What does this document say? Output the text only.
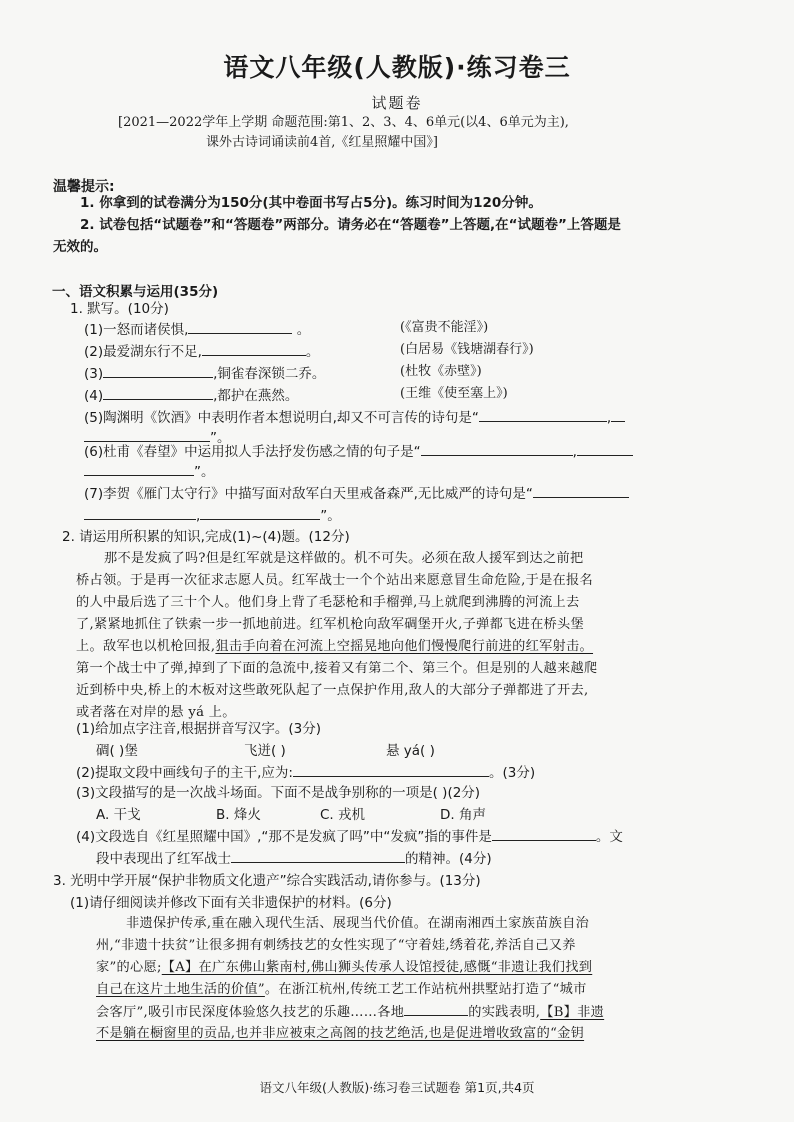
语文八年级(人教版)·练习卷三
试题卷
[2021—2022学年上学期 命题范围:第1、2、3、4、6单元(以4、6单元为主),
课外古诗词诵读前4首,《红星照耀中国》]
温馨提示:
1. 你拿到的试卷满分为150分(其中卷面书写占5分)。练习时间为120分钟。
2. 试卷包括“试题卷”和“答题卷”两部分。请务必在“答题卷”上答题,在“试题卷”上答题是
无效的。
一、语文积累与运用(35分)
1. 默写。(10分)
(1)一怒而诸侯惧,	。	(《富贵不能淫》)
(2)最爱湖东行不足,	。	(白居易《钱塘湖春行》)
(3)	,铜雀春深锁二乔。	(杜牧《赤壁》)
(4)	,都护在燕然。	(王维《使至塞上》)
(5)陶渊明《饮酒》中表明作者本想说明白,却又不可言传的诗句是“	,
”。
(6)杜甫《春望》中运用拟人手法抒发伤感之情的句子是“	,
”。
(7)李贺《雁门太守行》中描写面对敌军白天里戒备森严,无比威严的诗句是“
,	”。
2. 请运用所积累的知识,完成(1)~(4)题。(12分)
那不是发疯了吗?但是红军就是这样做的。机不可失。必须在敌人援军到达之前把
桥占领。于是再一次征求志愿人员。红军战士一个个站出来愿意冒生命危险,于是在报名
的人中最后选了三十个人。他们身上背了毛瑟枪和手榴弹,马上就爬到沸腾的河流上去
了,紧紧地抓住了铁索一步一抓地前进。红军机枪向敌军碉堡开火,子弹都飞进在桥头堡
上。敌军也以机枪回报,狙击手向着在河流上空摇晃地向他们慢慢爬行前进的红军射击。
第一个战士中了弹,掉到了下面的急流中,接着又有第二个、第三个。但是别的人越来越爬
近到桥中央,桥上的木板对这些敢死队起了一点保护作用,敌人的大部分子弹都进了开去,
或者落在对岸的悬 yá 上。
(1)给加点字注音,根据拼音写汉字。(3分)
碉( )堡	飞迸( )	悬 yá( )
(2)提取文段中画线句子的主干,应为:	。(3分)
(3)文段描写的是一次战斗场面。下面不是战争别称的一项是( )(2分)
A. 干戈	B. 烽火	C. 戎机	D. 角声
(4)文段选自《红星照耀中国》,“那不是发疯了吗”中“发疯”指的事件是	。文
段中表现出了红军战士	的精神。(4分)
3. 光明中学开展“保护非物质文化遗产”综合实践活动,请你参与。(13分)
(1)请仔细阅读并修改下面有关非遗保护的材料。(6分)
非遗保护传承,重在融入现代生活、展现当代价值。在湖南湘西土家族苗族自治
州,“非遗十扶贫”让很多拥有刺绣技艺的女性实现了“守着娃,绣着花,养活自己又养
家”的心愿;【A】在广东佛山紫南村,佛山狮头传承人设馆授徒,感慨“非遗让我们找到
自己在这片土地生活的价值”。在浙江杭州,传统工艺工作站杭州拱墅站打造了“城市
会客厅”,吸引市民深度体验悠久技艺的乐趣……各地	的实践表明,【B】非遗
不是躺在橱窗里的贡品,也并非应被束之高阁的技艺绝活,也是促进增收致富的“金钥
语文八年级(人教版)·练习卷三试题卷 第1页,共4页
